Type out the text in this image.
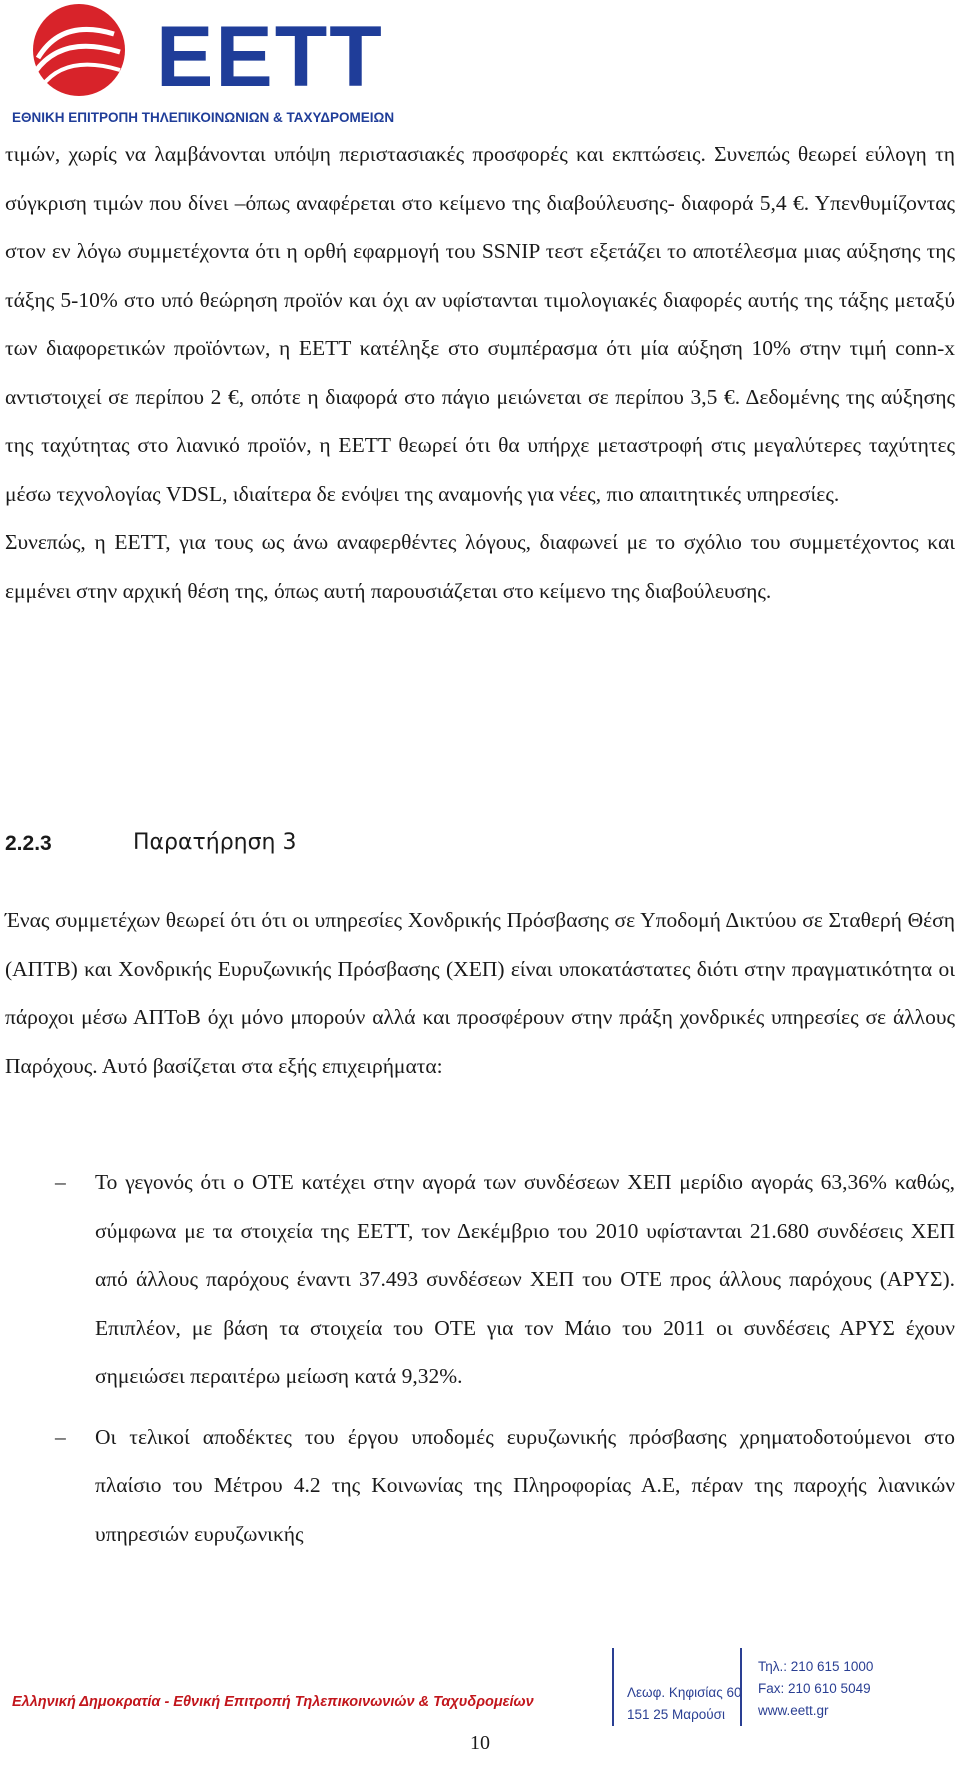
ΕΕΤΤ
ΕΘΝΙΚΗ ΕΠΙΤΡΟΠΗ ΤΗΛΕΠΙΚΟΙΝΩΝΙΩΝ & ΤΑΧΥΔΡΟΜΕΙΩΝ

τιμών, χωρίς να λαμβάνονται υπόψη περιστασιακές προσφορές και εκπτώσεις. Συνεπώς θεωρεί εύλογη τη σύγκριση τιμών που δίνει –όπως αναφέρεται στο κείμενο της διαβούλευσης- διαφορά 5,4 €. Υπενθυμίζοντας στον εν λόγω συμμετέχοντα ότι η ορθή εφαρμογή του SSNIP τεστ εξετάζει το αποτέλεσμα μιας αύξησης της τάξης 5-10% στο υπό θεώρηση προϊόν και όχι αν υφίστανται τιμολογιακές διαφορές αυτής της τάξης μεταξύ των διαφορετικών προϊόντων, η ΕΕΤΤ κατέληξε στο συμπέρασμα ότι μία αύξηση 10% στην τιμή conn-x αντιστοιχεί σε περίπου 2 €, οπότε η διαφορά στο πάγιο μειώνεται σε περίπου 3,5 €. Δεδομένης της αύξησης της ταχύτητας στο λιανικό προϊόν, η ΕΕΤΤ θεωρεί ότι θα υπήρχε μεταστροφή στις μεγαλύτερες ταχύτητες μέσω τεχνολογίας VDSL, ιδιαίτερα δε ενόψει της αναμονής για νέες, πιο απαιτητικές υπηρεσίες.

Συνεπώς, η ΕΕΤΤ, για τους ως άνω αναφερθέντες λόγους, διαφωνεί με το σχόλιο του συμμετέχοντος και εμμένει στην αρχική θέση της, όπως αυτή παρουσιάζεται στο κείμενο της διαβούλευσης.

2.2.3	Παρατήρηση 3

Ένας συμμετέχων θεωρεί ότι ότι οι υπηρεσίες Χονδρικής Πρόσβασης σε Υποδομή Δικτύου σε Σταθερή Θέση (ΑΠΤΒ) και Χονδρικής Ευρυζωνικής Πρόσβασης (ΧΕΠ) είναι υποκατάστατες διότι στην πραγματικότητα οι πάροχοι μέσω ΑΠΤοΒ όχι μόνο μπορούν αλλά και προσφέρουν στην πράξη χονδρικές υπηρεσίες σε άλλους Παρόχους. Αυτό βασίζεται στα εξής επιχειρήματα:

– Το γεγονός ότι ο ΟΤΕ κατέχει στην αγορά των συνδέσεων ΧΕΠ μερίδιο αγοράς 63,36% καθώς, σύμφωνα με τα στοιχεία της ΕΕΤΤ, τον Δεκέμβριο του 2010 υφίστανται 21.680 συνδέσεις ΧΕΠ από άλλους παρόχους έναντι 37.493 συνδέσεων ΧΕΠ του ΟΤΕ προς άλλους παρόχους (ΑΡΥΣ). Επιπλέον, με βάση τα στοιχεία του ΟΤΕ για τον Μάιο του 2011 οι συνδέσεις ΑΡΥΣ έχουν σημειώσει περαιτέρω μείωση κατά 9,32%.

– Οι τελικοί αποδέκτες του έργου υποδομές ευρυζωνικής πρόσβασης χρηματοδοτούμενοι στο πλαίσιο του Μέτρου 4.2 της Κοινωνίας της Πληροφορίας Α.Ε, πέραν της παροχής λιανικών υπηρεσιών ευρυζωνικής

Ελληνική Δημοκρατία - Εθνική Επιτροπή Τηλεπικοινωνιών & Ταχυδρομείων
Λεωφ. Κηφισίας 60
151 25 Μαρούσι
Τηλ.: 210 615 1000
Fax: 210 610 5049
www.eett.gr
10
